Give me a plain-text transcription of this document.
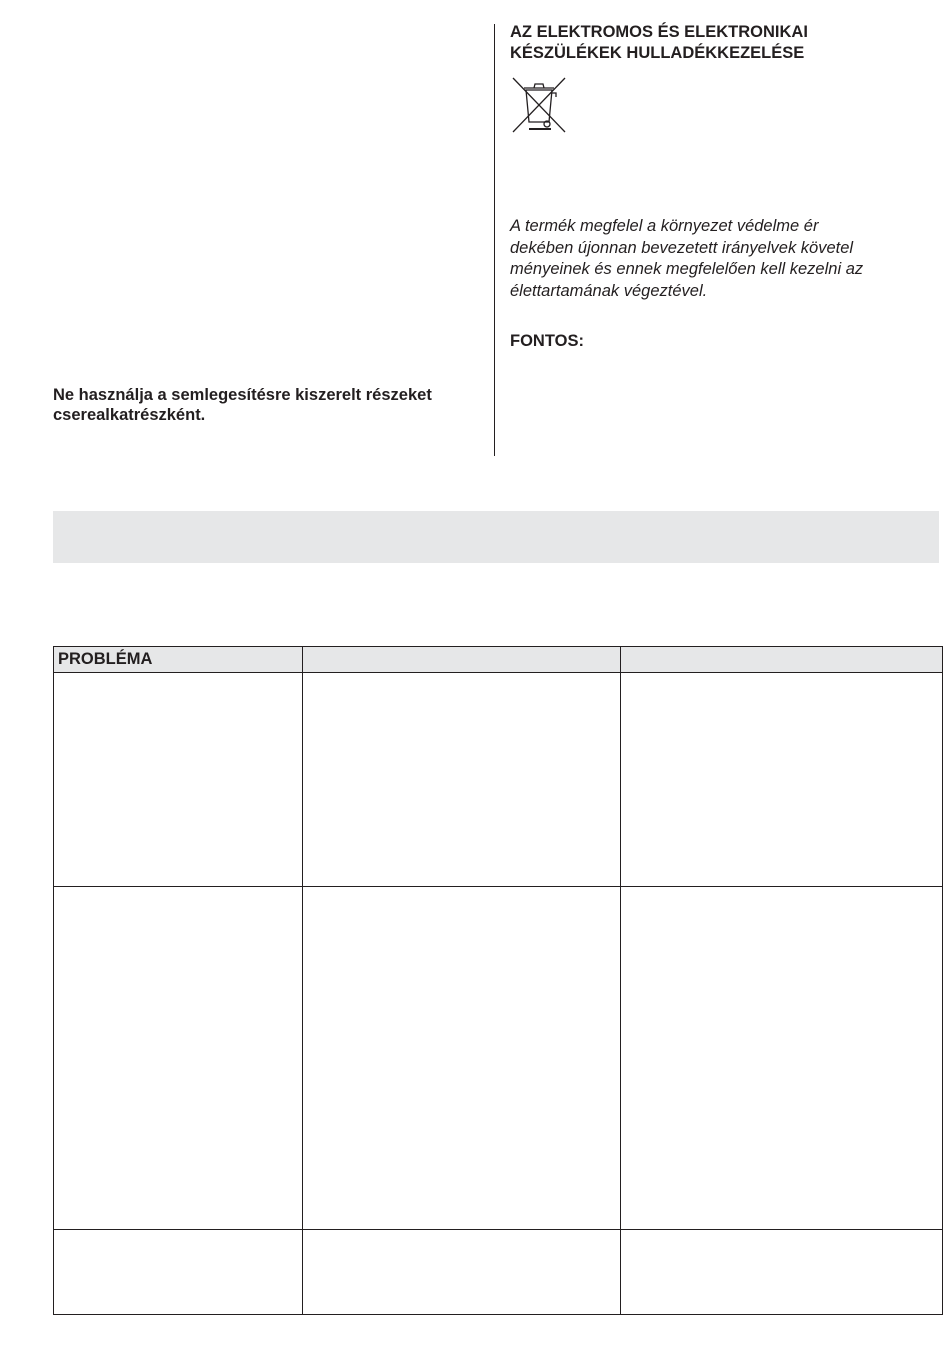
Ne használja a semlegesítésre kiszerelt részeket cserealkatrészként.
AZ ELEKTROMOS ÉS ELEKTRONIKAI
KÉSZÜLÉKEK HULLADÉKKEZELÉSE
A termék megfelel a környezet védelme ér
dekében újonnan bevezetett irányelvek követel
ményeinek és ennek megfelelően kell kezelni az
élettartamának végeztével.
FONTOS:
PROBLÉMA		
